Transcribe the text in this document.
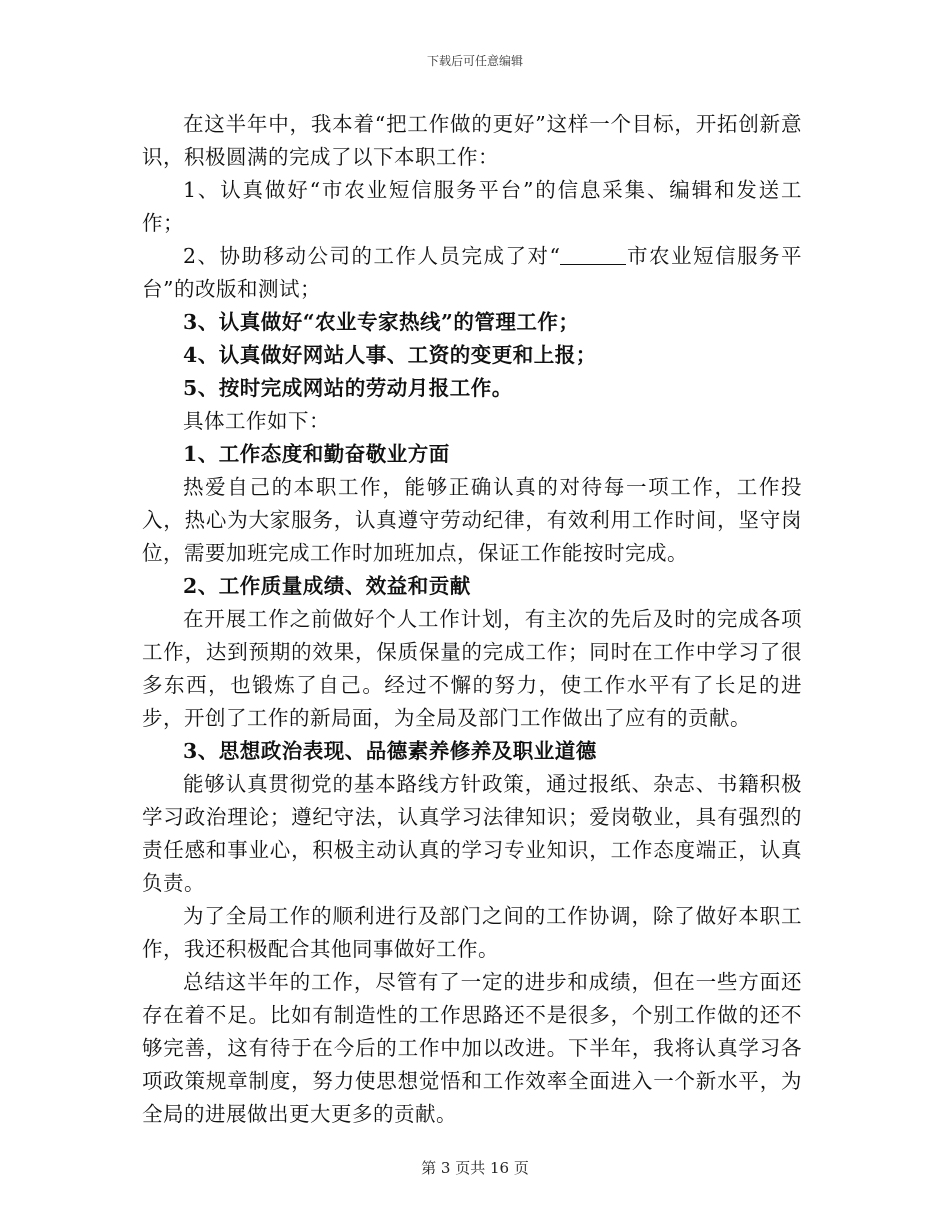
下载后可任意编辑

在这半年中，我本着“把工作做的更好”这样一个目标，开拓创新意识，积极圆满的完成了以下本职工作：

1、认真做好“市农业短信服务平台”的信息采集、编辑和发送工作；

2、协助移动公司的工作人员完成了对“	市农业短信服务平台”的改版和测试；

3、认真做好“农业专家热线”的管理工作；

4、认真做好网站人事、工资的变更和上报；

5、按时完成网站的劳动月报工作。

具体工作如下：

1、工作态度和勤奋敬业方面

热爱自己的本职工作，能够正确认真的对待每一项工作，工作投入，热心为大家服务，认真遵守劳动纪律，有效利用工作时间，坚守岗位，需要加班完成工作时加班加点，保证工作能按时完成。

2、工作质量成绩、效益和贡献

在开展工作之前做好个人工作计划，有主次的先后及时的完成各项工作，达到预期的效果，保质保量的完成工作；同时在工作中学习了很多东西，也锻炼了自己。经过不懈的努力，使工作水平有了长足的进步，开创了工作的新局面，为全局及部门工作做出了应有的贡献。

3、思想政治表现、品德素养修养及职业道德

能够认真贯彻党的基本路线方针政策，通过报纸、杂志、书籍积极学习政治理论；遵纪守法，认真学习法律知识；爱岗敬业，具有强烈的责任感和事业心，积极主动认真的学习专业知识，工作态度端正，认真负责。

为了全局工作的顺利进行及部门之间的工作协调，除了做好本职工作，我还积极配合其他同事做好工作。

总结这半年的工作，尽管有了一定的进步和成绩，但在一些方面还存在着不足。比如有制造性的工作思路还不是很多，个别工作做的还不够完善，这有待于在今后的工作中加以改进。下半年，我将认真学习各项政策规章制度，努力使思想觉悟和工作效率全面进入一个新水平，为全局的进展做出更大更多的贡献。

第 3 页共 16 页
